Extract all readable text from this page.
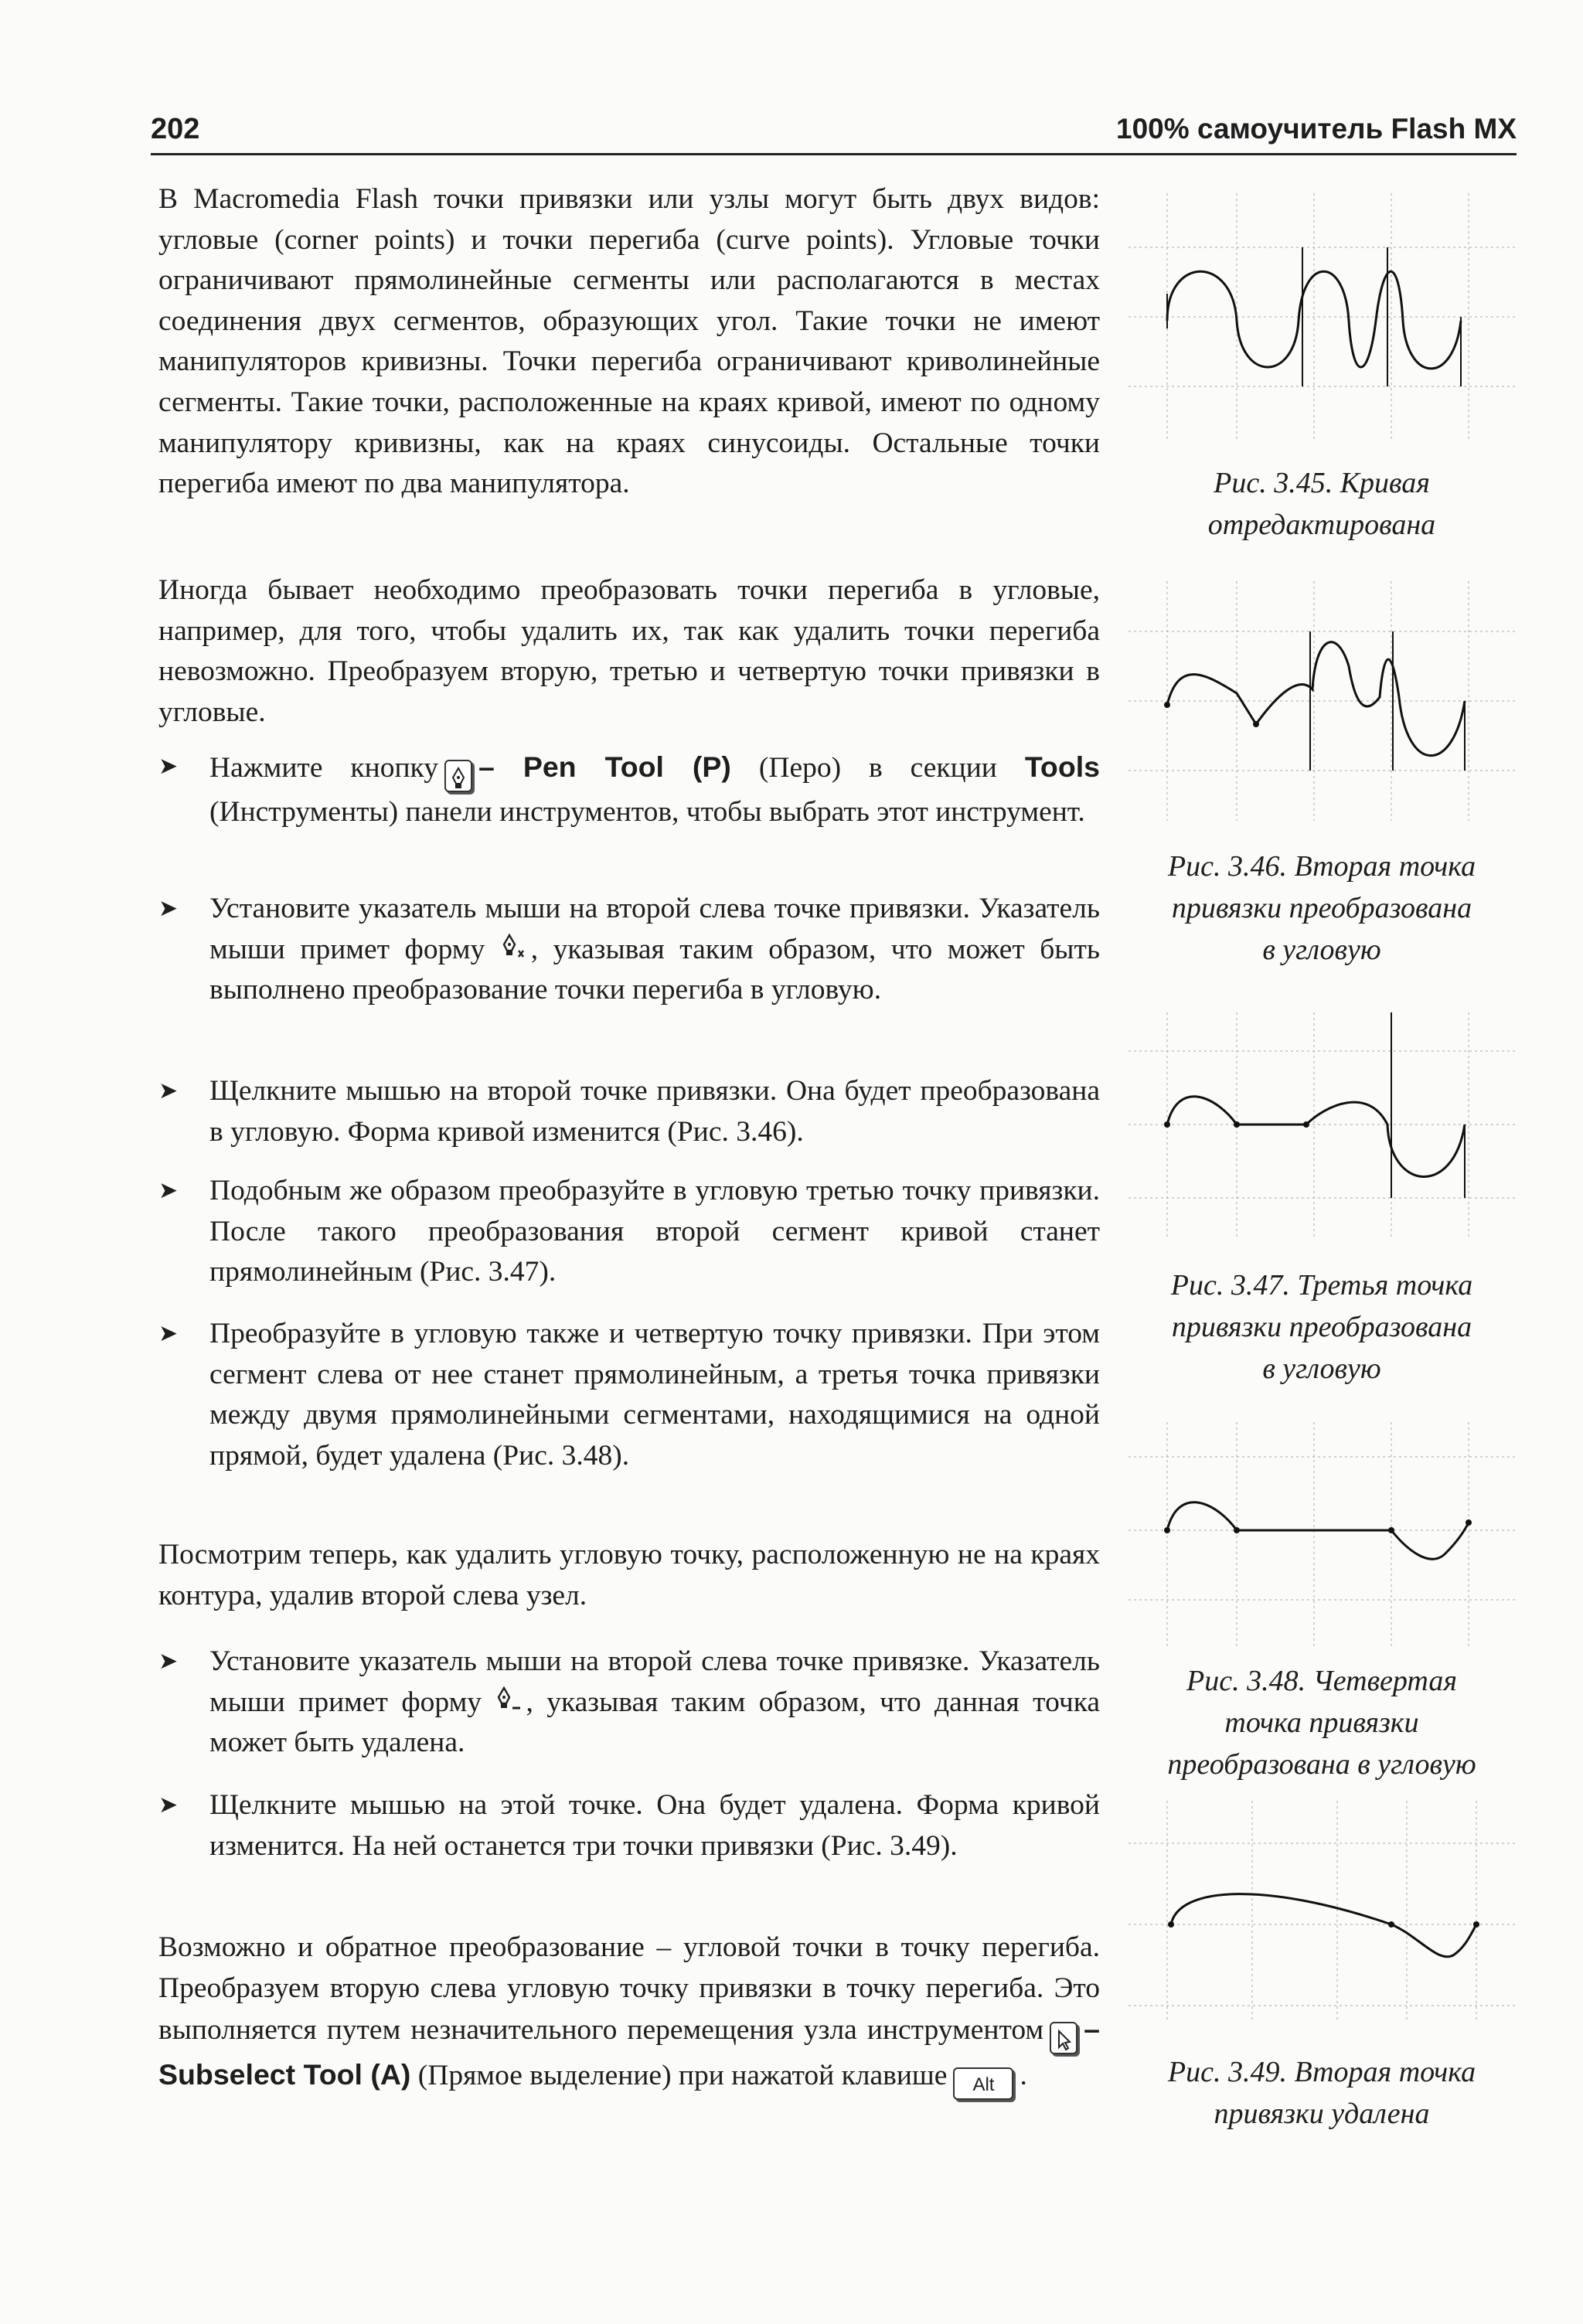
202	100% самоучитель Flash MX
В Macromedia Flash точки привязки или узлы могут быть двух видов: угловые (corner points) и точки перегиба (curve points). Угловые точки ограничивают прямолинейные сегменты или располагаются в местах соединения двух сегментов, образующих угол. Такие точки не имеют манипуляторов кривизны. Точки перегиба ограничивают криволинейные сегменты. Такие точки, расположенные на краях кривой, имеют по одному манипулятору кривизны, как на краях синусоиды. Остальные точки перегиба имеют по два манипулятора.
Иногда бывает необходимо преобразовать точки перегиба в угловые, например, для того, чтобы удалить их, так как удалить точки перегиба невозможно. Преобразуем вторую, третью и четвертую точки привязки в угловые.
➤ Нажмите кнопку – Pen Tool (P) (Перо) в секции Tools (Инструменты) панели инструментов, чтобы выбрать этот инструмент.
➤ Установите указатель мыши на второй слева точке привязки. Указатель мыши примет форму , указывая таким образом, что может быть выполнено преобразование точки перегиба в угловую.
➤ Щелкните мышью на второй точке привязки. Она будет преобразована в угловую. Форма кривой изменится (Рис. 3.46).
➤ Подобным же образом преобразуйте в угловую третью точку привязки. После такого преобразования второй сегмент кривой станет прямолинейным (Рис. 3.47).
➤ Преобразуйте в угловую также и четвертую точку привязки. При этом сегмент слева от нее станет прямолинейным, а третья точка привязки между двумя прямолинейными сегментами, находящимися на одной прямой, будет удалена (Рис. 3.48).
Посмотрим теперь, как удалить угловую точку, расположенную не на краях контура, удалив второй слева узел.
➤ Установите указатель мыши на второй слева точке привязке. Указатель мыши примет форму , указывая таким образом, что данная точка может быть удалена.
➤ Щелкните мышью на этой точке. Она будет удалена. Форма кривой изменится. На ней останется три точки привязки (Рис. 3.49).
Возможно и обратное преобразование – угловой точки в точку перегиба. Преобразуем вторую слева угловую точку привязки в точку перегиба. Это выполняется путем незначительного перемещения узла инструментом – Subselect Tool (A) (Прямое выделение) при нажатой клавише Alt .
Рис. 3.45. Кривая
отредактирована
Рис. 3.46. Вторая точка
привязки преобразована
в угловую
Рис. 3.47. Третья точка
привязки преобразована
в угловую
Рис. 3.48. Четвертая
точка привязки
преобразована в угловую
Рис. 3.49. Вторая точка
привязки удалена
